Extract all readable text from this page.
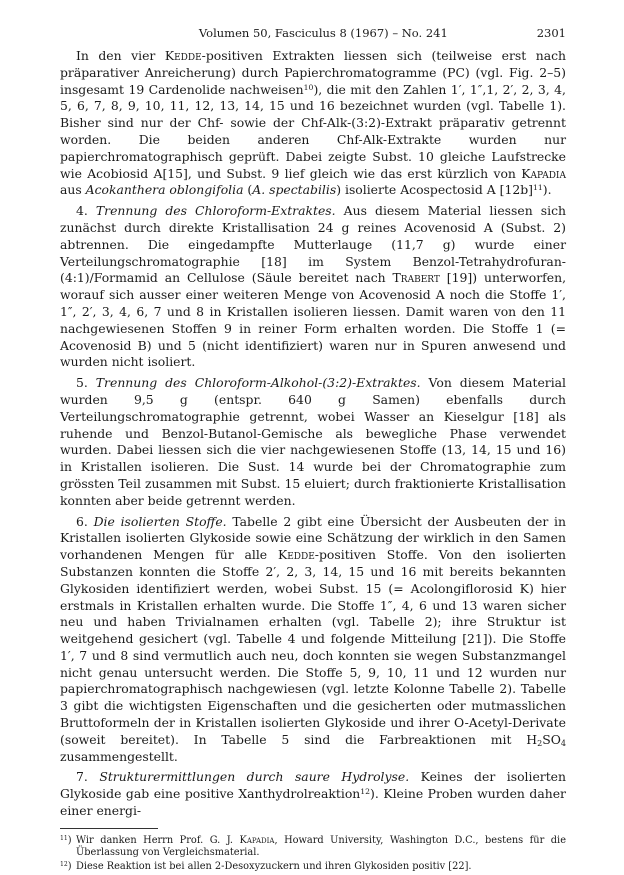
Volumen 50, Fasciculus 8 (1967) – No. 241	2301

In den vier Kedde-positiven Extrakten liessen sich (teilweise erst nach präparativer Anreicherung) durch Papierchromatogramme (PC) (vgl. Fig. 2–5) insgesamt 19 Cardenolide nachweisen$^{10}$), die mit den Zahlen 1′, 1″,1, 2′, 2, 3, 4, 5, 6, 7, 8, 9, 10, 11, 12, 13, 14, 15 und 16 bezeichnet wurden (vgl. Tabelle 1). Bisher sind nur der Chf- sowie der Chf-Alk-(3:2)-Extrakt präparativ getrennt worden. Die beiden anderen Chf-Alk-Extrakte wurden nur papierchromatographisch geprüft. Dabei zeigte Subst. 10 gleiche Laufstrecke wie Acobiosid A[15], und Subst. 9 lief gleich wie das erst kürzlich von Kapadia aus Acokanthera oblongifolia (A. spectabilis) isolierte Acospectosid A $[12b]^{11}$).

4. Trennung des Chloroform-Extraktes. Aus diesem Material liessen sich zunächst durch direkte Kristallisation 24 g reines Acovenosid A (Subst. 2) abtrennen. Die eingedampfte Mutterlauge (11,7 g) wurde einer Verteilungschromatographie [18] im System Benzol-Tetrahydrofuran-(4:1)/Formamid an Cellulose (Säule bereitet nach Trabert [19]) unterworfen, worauf sich ausser einer weiteren Menge von Acovenosid A noch die Stoffe 1′, 1″, 2′, 3, 4, 6, 7 und 8 in Kristallen isolieren liessen. Damit waren von den 11 nachgewiesenen Stoffen 9 in reiner Form erhalten worden. Die Stoffe 1 (= Acovenosid B) und 5 (nicht identifiziert) waren nur in Spuren anwesend und wurden nicht isoliert.

5. Trennung des Chloroform-Alkohol-(3:2)-Extraktes. Von diesem Material wurden 9,5 g (entspr. 640 g Samen) ebenfalls durch Verteilungschromatographie getrennt, wobei Wasser an Kieselgur [18] als ruhende und Benzol-Butanol-Gemische als bewegliche Phase verwendet wurden. Dabei liessen sich die vier nachgewiesenen Stoffe (13, 14, 15 und 16) in Kristallen isolieren. Die Sust. 14 wurde bei der Chromatographie zum grössten Teil zusammen mit Subst. 15 eluiert; durch fraktionierte Kristallisation konnten aber beide getrennt werden.

6. Die isolierten Stoffe. Tabelle 2 gibt eine Übersicht der Ausbeuten der in Kristallen isolierten Glykoside sowie eine Schätzung der wirklich in den Samen vorhandenen Mengen für alle Kedde-positiven Stoffe. Von den isolierten Substanzen konnten die Stoffe 2′, 2, 3, 14, 15 und 16 mit bereits bekannten Glykosiden identifiziert werden, wobei Subst. 15 (= Acolongiflorosid K) hier erstmals in Kristallen erhalten wurde. Die Stoffe 1″, 4, 6 und 13 waren sicher neu und haben Trivialnamen erhalten (vgl. Tabelle 2); ihre Struktur ist weitgehend gesichert (vgl. Tabelle 4 und folgende Mitteilung [21]). Die Stoffe 1′, 7 und 8 sind vermutlich auch neu, doch konnten sie wegen Substanzmangel nicht genau untersucht werden. Die Stoffe 5, 9, 10, 11 und 12 wurden nur papierchromatographisch nachgewiesen (vgl. letzte Kolonne Tabelle 2). Tabelle 3 gibt die wichtigsten Eigenschaften und die gesicherten oder mutmasslichen Bruttoformeln der in Kristallen isolierten Glykoside und ihrer O-Acetyl-Derivate (soweit bereitet). In Tabelle 5 sind die Farbreaktionen mit $H_2SO_4$ zusammengestellt.

7. Strukturermittlungen durch saure Hydrolyse. Keines der isolierten Glykoside gab eine positive Xanthydrolreaktion$^{12}$). Kleine Proben wurden daher einer energi-

$^{11}$) Wir danken Herrn Prof. G. J. Kapadia, Howard University, Washington D.C., bestens für die Überlassung von Vergleichsmaterial.

$^{12}$) Diese Reaktion ist bei allen 2-Desoxyzuckern und ihren Glykosiden positiv [22].
